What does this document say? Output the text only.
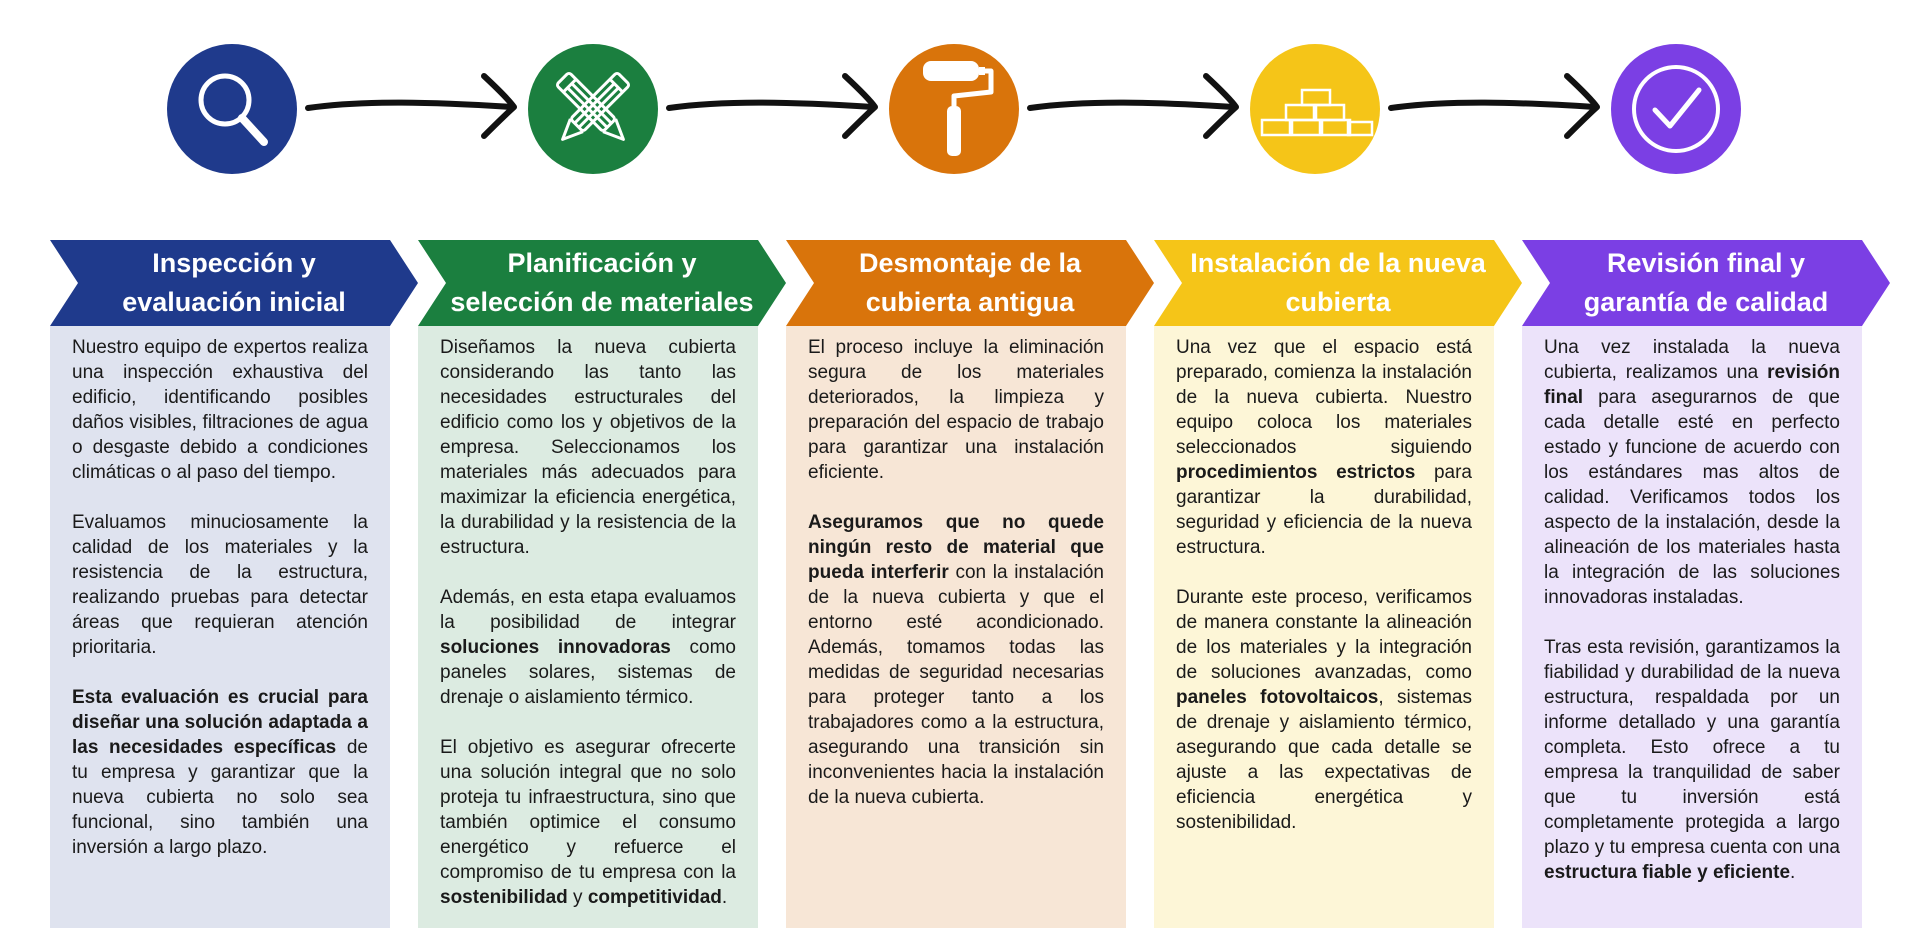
Inspección y
evaluación inicial

Nuestro equipo de expertos realiza una inspección exhaustiva del edificio, identificando posibles daños visibles, filtraciones de agua o desgaste debido a condiciones climáticas o al paso del tiempo.

Evaluamos minuciosamente la calidad de los materiales y la resistencia de la estructura, realizando pruebas para detectar áreas que requieran atención prioritaria.

Esta evaluación es crucial para diseñar una solución adaptada a las necesidades específicas de tu empresa y garantizar que la nueva cubierta no solo sea funcional, sino también una inversión a largo plazo.

Planificación y
selección de materiales

Diseñamos la nueva cubierta considerando las tanto las necesidades estructurales del edificio como los y objetivos de la empresa. Seleccionamos los materiales más adecuados para maximizar la eficiencia energética, la durabilidad y la resistencia de la estructura.

Además, en esta etapa evaluamos la posibilidad de integrar soluciones innovadoras como paneles solares, sistemas de drenaje o aislamiento térmico.

El objetivo es asegurar ofrecerte una solución integral que no solo proteja tu infraestructura, sino que también optimice el consumo energético y refuerce el compromiso de tu empresa con la sostenibilidad y competitividad.

Desmontaje de la
cubierta antigua

El proceso incluye la eliminación segura de los materiales deteriorados, la limpieza y preparación del espacio de trabajo para garantizar una instalación eficiente.

Aseguramos que no quede ningún resto de material que pueda interferir con la instalación de la nueva cubierta y que el entorno esté acondicionado. Además, tomamos todas las medidas de seguridad necesarias para proteger tanto a los trabajadores como a la estructura, asegurando una transición sin inconvenientes hacia la instalación de la nueva cubierta.

Instalación de la nueva
cubierta

Una vez que el espacio está preparado, comienza la instalación de la nueva cubierta. Nuestro equipo coloca los materiales seleccionados siguiendo procedimientos estrictos para garantizar la durabilidad, seguridad y eficiencia de la nueva estructura.

Durante este proceso, verificamos de manera constante la alineación de los materiales y la integración de soluciones avanzadas, como paneles fotovoltaicos, sistemas de drenaje y aislamiento térmico, asegurando que cada detalle se ajuste a las expectativas de eficiencia energética y sostenibilidad.

Revisión final y
garantía de calidad

Una vez instalada la nueva cubierta, realizamos una revisión final para asegurarnos de que cada detalle esté en perfecto estado y funcione de acuerdo con los estándares mas altos de calidad. Verificamos todos los aspecto de la instalación, desde la alineación de los materiales hasta la integración de las soluciones innovadoras instaladas.

Tras esta revisión, garantizamos la fiabilidad y durabilidad de la nueva estructura, respaldada por un informe detallado y una garantía completa. Esto ofrece a tu empresa la tranquilidad de saber que tu inversión está completamente protegida a largo plazo y tu empresa cuenta con una estructura fiable y eficiente.
